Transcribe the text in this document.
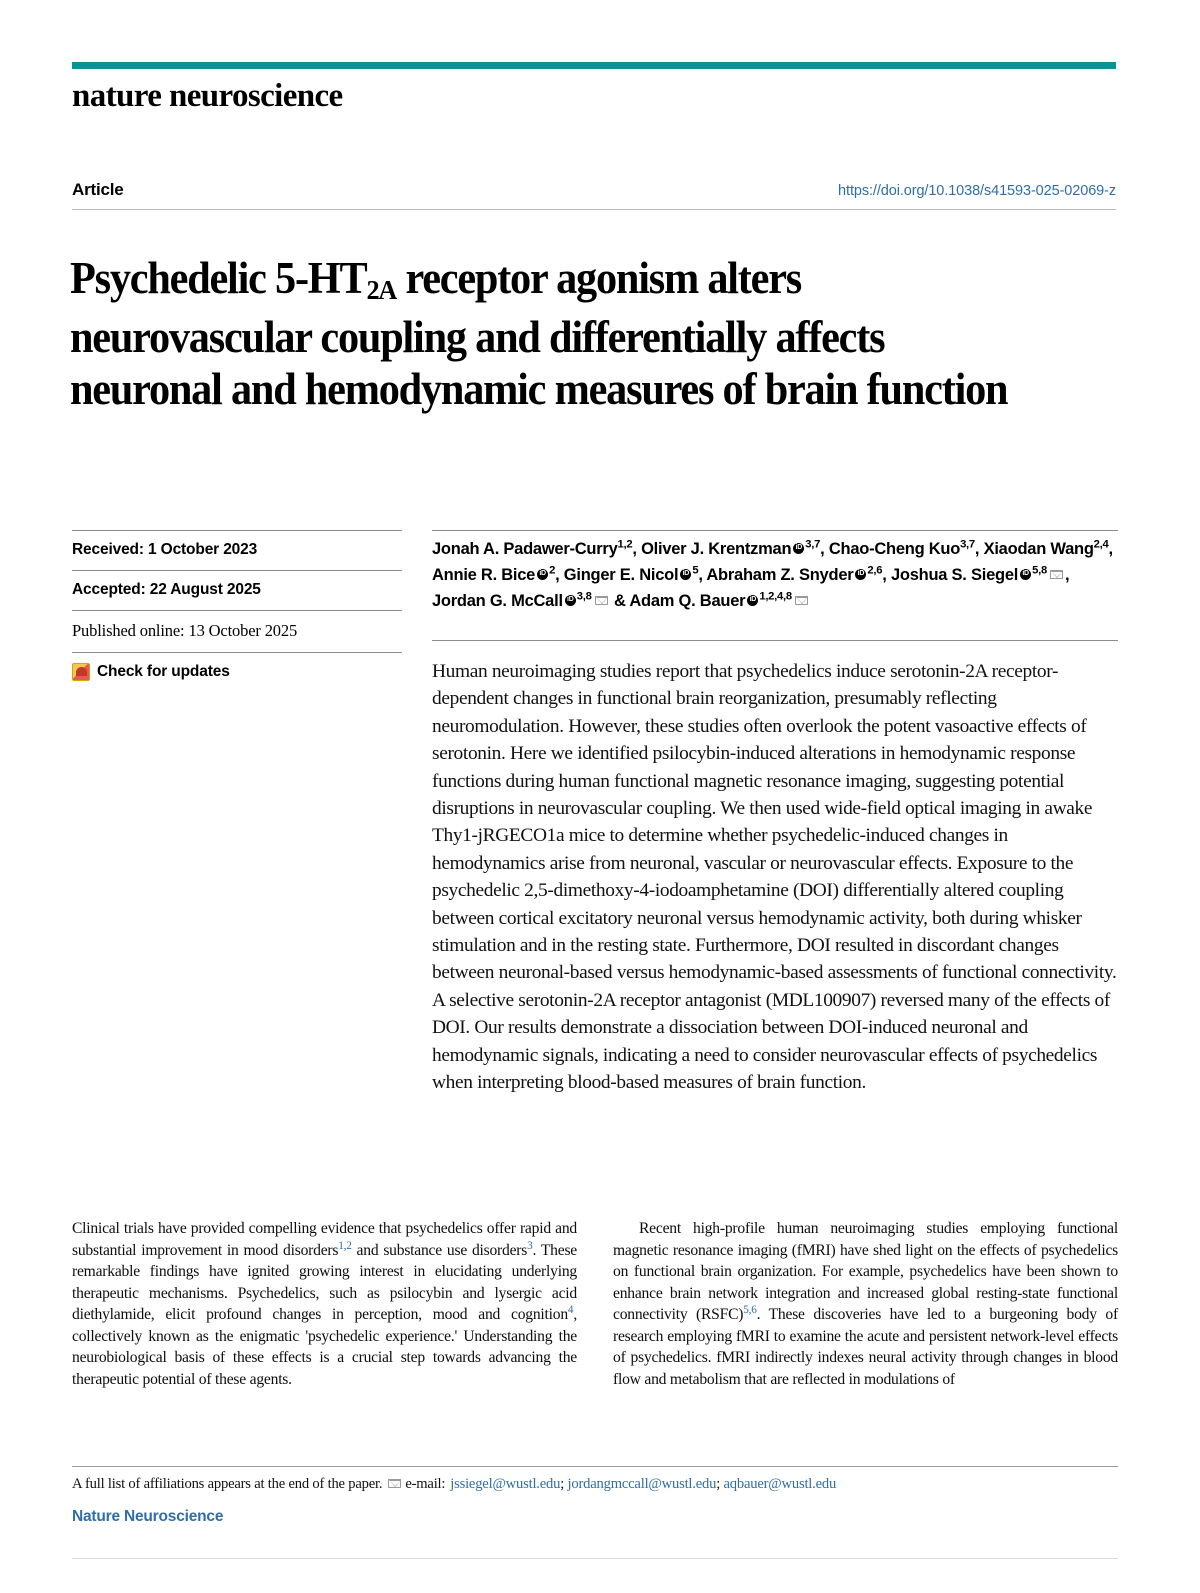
nature neuroscience
Article	https://doi.org/10.1038/s41593-025-02069-z
Psychedelic $5-HT_{2A}$ receptor agonism alters neurovascular coupling and differentially affects neuronal and hemodynamic measures of brain function
Received: 1 October 2023
Accepted: 22 August 2025
Published online: 13 October 2025
Check for updates
Jonah A. Padawer-Curry$^{1,2}$, Oliver J. Krentzman iD $^{3,7}$, Chao-Cheng Kuo$^{3,7}$, Xiaodan Wang$^{2,4}$, Annie R. Bice iD $^2$, Ginger E. Nicol iD $^5$, Abraham Z. Snyder iD $^{2,6}$, Joshua S. Siegel iD $^{5,8}$ , Jordan G. McCall iD $^{3,8}$ & Adam Q. Bauer iD $^{1,2,4,8}$
Human neuroimaging studies report that psychedelics induce serotonin-2A receptor-dependent changes in functional brain reorganization, presumably reflecting neuromodulation. However, these studies often overlook the potent vasoactive effects of serotonin. Here we identified psilocybin-induced alterations in hemodynamic response functions during human functional magnetic resonance imaging, suggesting potential disruptions in neurovascular coupling. We then used wide-field optical imaging in awake Thy1-jRGECO1a mice to determine whether psychedelic-induced changes in hemodynamics arise from neuronal, vascular or neurovascular effects. Exposure to the psychedelic 2,5-dimethoxy-4-iodoamphetamine (DOI) differentially altered coupling between cortical excitatory neuronal versus hemodynamic activity, both during whisker stimulation and in the resting state. Furthermore, DOI resulted in discordant changes between neuronal-based versus hemodynamic-based assessments of functional connectivity. A selective serotonin-2A receptor antagonist (MDL100907) reversed many of the effects of DOI. Our results demonstrate a dissociation between DOI-induced neuronal and hemodynamic signals, indicating a need to consider neurovascular effects of psychedelics when interpreting blood-based measures of brain function.

Clinical trials have provided compelling evidence that psychedelics offer rapid and substantial improvement in mood disorders$^{1,2}$ and substance use disorders$^3$. These remarkable findings have ignited growing interest in elucidating underlying therapeutic mechanisms. Psychedelics, such as psilocybin and lysergic acid diethylamide, elicit profound changes in perception, mood and cognition$^4$, collectively known as the enigmatic 'psychedelic experience.' Understanding the neurobiological basis of these effects is a crucial step towards advancing the therapeutic potential of these agents.

Recent high-profile human neuroimaging studies employing functional magnetic resonance imaging (fMRI) have shed light on the effects of psychedelics on functional brain organization. For example, psychedelics have been shown to enhance brain network integration and increased global resting-state functional connectivity (RSFC)$^{5,6}$. These discoveries have led to a burgeoning body of research employing fMRI to examine the acute and persistent network-level effects of psychedelics. fMRI indirectly indexes neural activity through changes in blood flow and metabolism that are reflected in modulations of

A full list of affiliations appears at the end of the paper. e-mail: jssiegel@wustl.edu; jordangmccall@wustl.edu; aqbauer@wustl.edu
Nature Neuroscience
